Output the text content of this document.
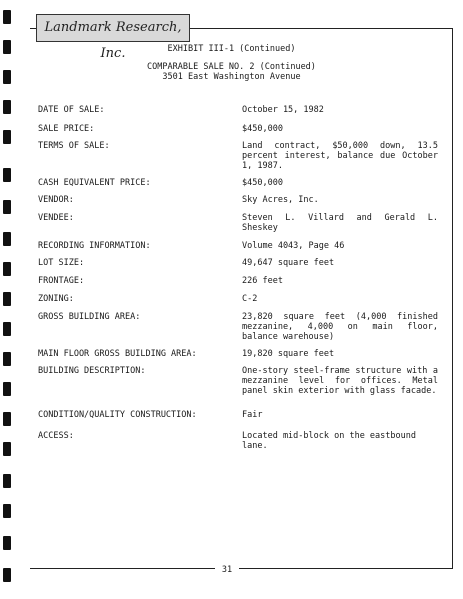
Landmark Research, Inc.	EXHIBIT III-1 (Continued)
COMPARABLE SALE NO. 2 (Continued)
3501 East Washington Avenue
DATE OF SALE:	October 15, 1982
SALE PRICE:	$450,000
TERMS OF SALE:	Land contract, $50,000 down, 13.5 percent interest, balance due October 1, 1987.
CASH EQUIVALENT PRICE:	$450,000
VENDOR:	Sky Acres, Inc.
VENDEE:	Steven L. Villard and Gerald L. Sheskey
RECORDING INFORMATION:	Volume 4043, Page 46
LOT SIZE:	49,647 square feet
FRONTAGE:	226 feet
ZONING:	C-2
GROSS BUILDING AREA:	23,820 square feet (4,000 finished mezzanine, 4,000 on main floor, balance warehouse)
MAIN FLOOR GROSS BUILDING AREA:	19,820 square feet
BUILDING DESCRIPTION:	One-story steel-frame structure with a mezzanine level for offices. Metal panel skin exterior with glass facade.
CONDITION/QUALITY CONSTRUCTION:	Fair
ACCESS:	Located mid-block on the eastbound lane.
31
